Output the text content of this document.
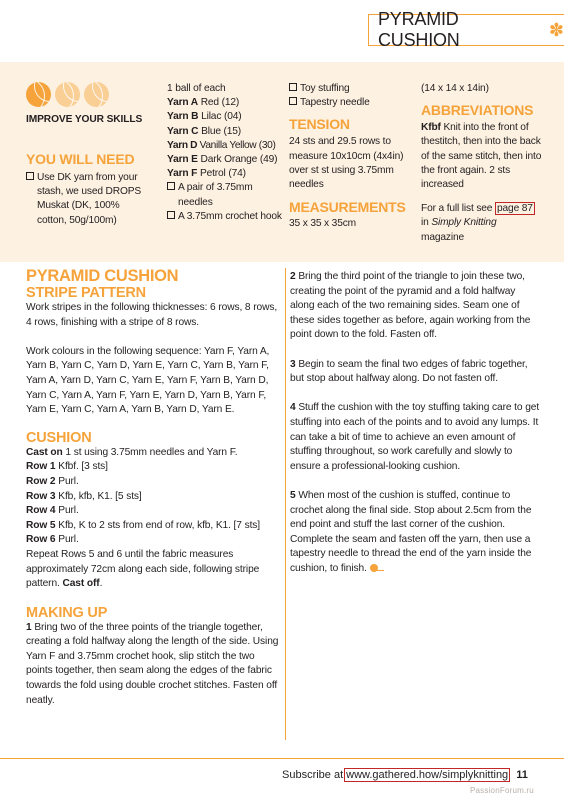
PYRAMID CUSHION	✽
IMPROVE YOUR SKILLS
YOU WILL NEED
Use DK yarn from your stash, we used DROPS Muskat (DK, 100% cotton, 50g/100m)
1 ball of each
Yarn A Red (12)
Yarn B Lilac (04)
Yarn C Blue (15)
Yarn D Vanilla Yellow (30)
Yarn E Dark Orange (49)
Yarn F Petrol (74)
A pair of 3.75mm needles
A 3.75mm crochet hook
Toy stuffing
Tapestry needle
TENSION
24 sts and 29.5 rows to measure 10x10cm (4x4in) over st st using 3.75mm needles
MEASUREMENTS
35 x 35 x 35cm
(14 x 14 x 14in)
ABBREVIATIONS
Kfbf Knit into the front of thestitch, then into the back of the same stitch, then into the front again. 2 sts increased
For a full list see page 87
in Simply Knitting
magazine
PYRAMID CUSHION
STRIPE PATTERN

Work stripes in the following thicknesses: 6 rows, 8 rows, 4 rows, finishing with a stripe of 8 rows.

Work colours in the following sequence: Yarn F, Yarn A, Yarn B, Yarn C, Yarn D, Yarn E, Yarn C, Yarn B, Yarn F, Yarn A, Yarn D, Yarn C, Yarn E, Yarn F, Yarn B, Yarn D, Yarn C, Yarn A, Yarn F, Yarn E, Yarn D, Yarn B, Yarn F, Yarn E, Yarn C, Yarn A, Yarn B, Yarn D, Yarn E.

CUSHION

Cast on 1 st using 3.75mm needles and Yarn F.

Row 1 Kfbf. [3 sts]

Row 2 Purl.

Row 3 Kfb, kfb, K1. [5 sts]

Row 4 Purl.

Row 5 Kfb, K to 2 sts from end of row, kfb, K1. [7 sts]

Row 6 Purl.

Repeat Rows 5 and 6 until the fabric measures approximately 72cm along each side, following stripe pattern. Cast off.

MAKING UP

1 Bring two of the three points of the triangle together, creating a fold halfway along the length of the side. Using Yarn F and 3.75mm crochet hook, slip stitch the two points together, then seam along the edges of the fabric towards the fold using double crochet stitches. Fasten off neatly.

2 Bring the third point of the triangle to join these two, creating the point of the pyramid and a fold halfway along each of the two remaining sides. Seam one of these sides together as before, again working from the point down to the fold. Fasten off.

3 Begin to seam the final two edges of fabric together, but stop about halfway along. Do not fasten off.

4 Stuff the cushion with the toy stuffing taking care to get stuffing into each of the points and to avoid any lumps. It can take a bit of time to achieve an even amount of stuffing throughout, so work carefully and slowly to ensure a professional-looking cushion.

5 When most of the cushion is stuffed, continue to crochet along the final side. Stop about 2.5cm from the end point and stuff the last corner of the cushion. Complete the seam and fasten off the yarn, then use a tapestry needle to thread the end of the yarn inside the cushion, to finish.

Subscribe at www.gathered.how/simplyknitting 11
PassionForum.ru
